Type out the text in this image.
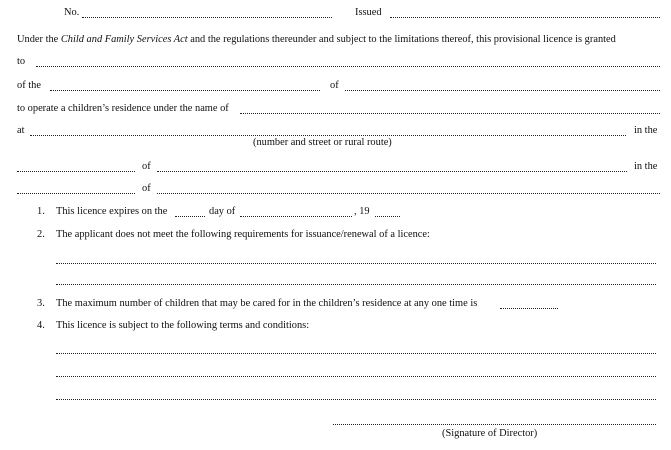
No.	Issued
Under the Child and Family Services Act and the regulations thereunder and subject to the limitations thereof, this provisional licence is granted
to
of the	of
to operate a children’s residence under the name of
at	in the
(number and street or rural route)
of	in the
of
1. This licence expires on the	day of	, 19
2. The applicant does not meet the following requirements for issuance/renewal of a licence:
3. The maximum number of children that may be cared for in the children’s residence at any one time is
4. This licence is subject to the following terms and conditions:
(Signature of Director)
